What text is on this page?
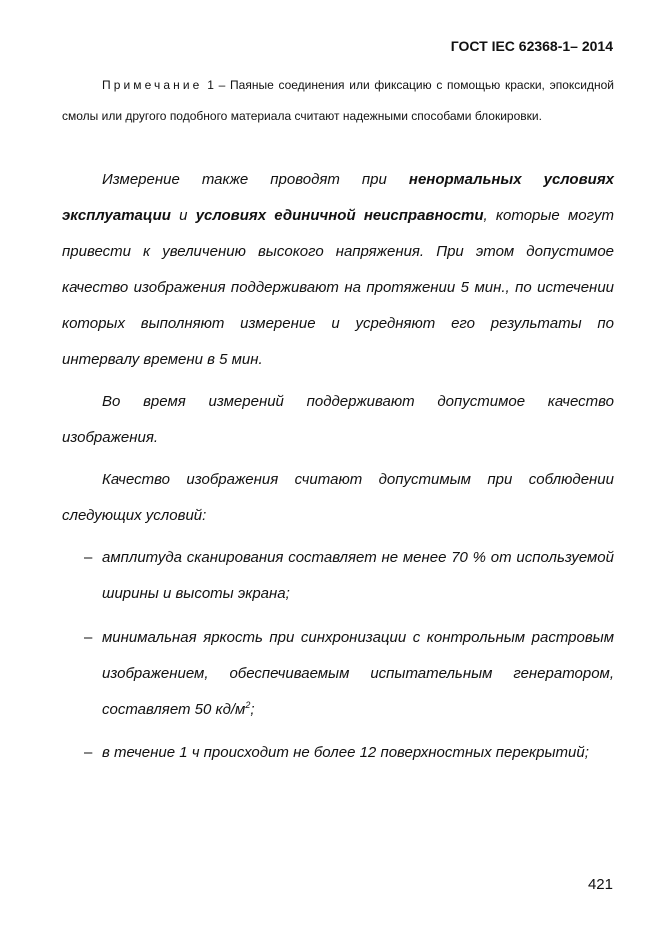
ГОСТ IEC 62368-1– 2014
Примечание 1 – Паяные соединения или фиксацию с помощью краски, эпоксидной смолы или другого подобного материала считают надежными способами блокировки.
Измерение также проводят при ненормальных условиях эксплуатации и условиях единичной неисправности, которые могут привести к увеличению высокого напряжения. При этом допустимое качество изображения поддерживают на протяжении 5 мин., по истечении которых выполняют измерение и усредняют его результаты по интервалу времени в 5 мин.
Во время измерений поддерживают допустимое качество изображения.
Качество изображения считают допустимым при соблюдении следующих условий:
– амплитуда сканирования составляет не менее 70 % от используемой ширины и высоты экрана;
– минимальная яркость при синхронизации с контрольным растровым изображением, обеспечиваемым испытательным генератором, составляет 50 $кд/м^2$;
– в течение 1 ч происходит не более 12 поверхностных перекрытий;
421
